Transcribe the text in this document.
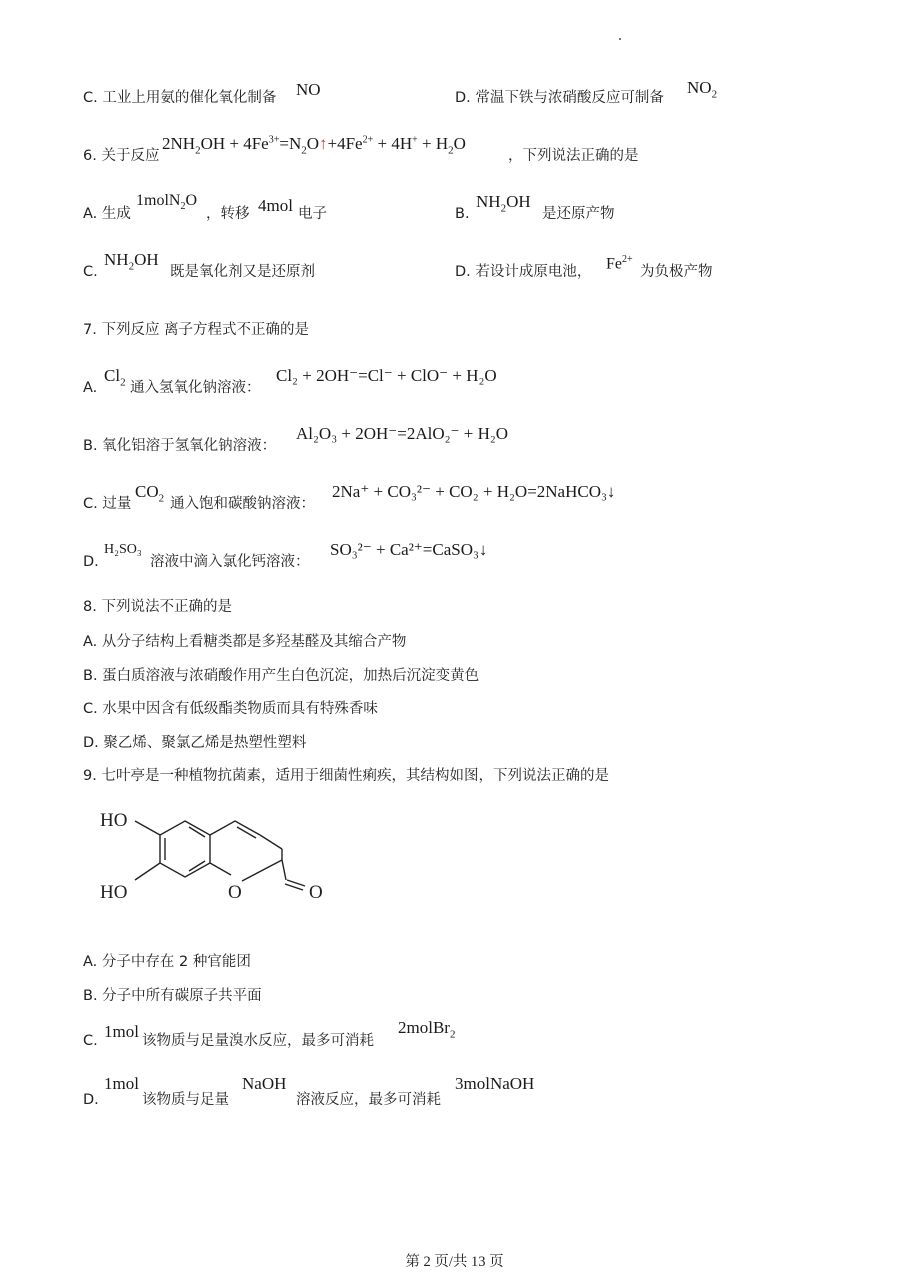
C. 工业上用氨的催化氧化制备 NO	D. 常温下铁与浓硝酸反应可制备
$NO_2$
6. 关于反应
$2NH_2OH$ + $4Fe^{3+}=N_2O↑+4Fe^{2+} + 4H^+ + H_2O$
，下列说法正确的是
A. 生成
1molN$_2$O
，转移 4mol 电子	B.
$NH_2OH$
是还原产物
C.
$NH_2OH$
既是氧化剂又是还原剂	D. 若设计成原电池， $Fe^{2+}$
为负极产物
7. 下列反应 离子方程式不正确的是
A.
$Cl_2$ 通入氢氧化钠溶液：
Cl₂ + 2OH⁻=Cl⁻ + ClO⁻ + H₂O
B. 氧化铝溶于氢氧化钠溶液：
Al₂O₃ + 2OH⁻=2AlO₂⁻ + H₂O
C. 过量
$CO_2$ 通入饱和碳酸钠溶液：
2Na⁺ + CO₃²⁻ + CO₂ + H₂O=2NaHCO₃↓
D.
H₂SO₃
溶液中滴入氯化钙溶液：
SO₃²⁻ + Ca²⁺=CaSO₃↓
8. 下列说法不正确的是
A. 从分子结构上看糖类都是多羟基醛及其缩合产物
B. 蛋白质溶液与浓硝酸作用产生白色沉淀，加热后沉淀变黄色
C. 水果中因含有低级酯类物质而具有特殊香味
D. 聚乙烯、聚氯乙烯是热塑性塑料
9. 七叶亭是一种植物抗菌素，适用于细菌性痢疾，其结构如图，下列说法正确的是
HO
HO	O	O
A. 分子中存在 2 种官能团
B. 分子中所有碳原子共平面
C. 1mol 该物质与足量溴水反应，最多可消耗
2molBr$_2$
D.
1mol
该物质与足量
NaOH
溶液反应，最多可消耗
3molNaOH
第 2 页/共 13 页
